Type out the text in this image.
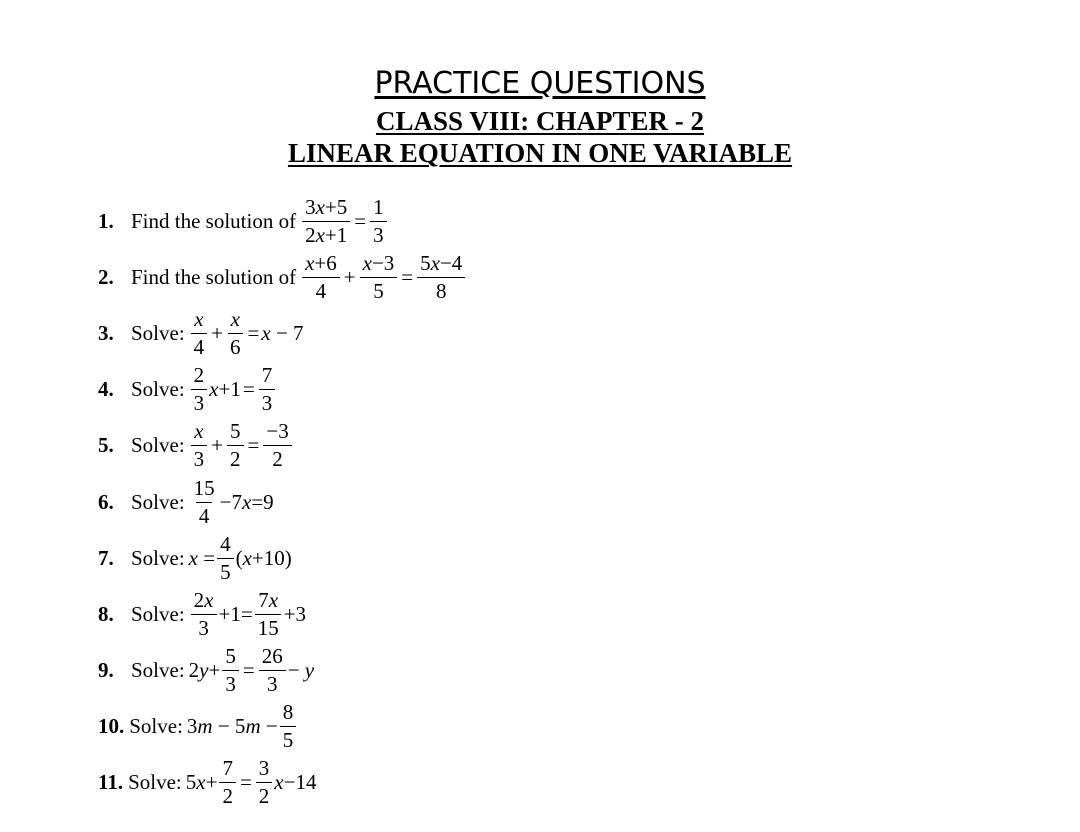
PRACTICE QUESTIONS
CLASS VIII: CHAPTER - 2
LINEAR EQUATION IN ONE VARIABLE
1. Find the solution of $\frac{3x+5}{2x+1} = \frac{1}{3}$
2. Find the solution of $\frac{x+6}{4} + \frac{x-3}{5} = \frac{5x-4}{8}$
3. Solve: $\frac{x}{4} + \frac{x}{6} = x - 7$
4. Solve: $\frac{2}{3} x+1 = \frac{7}{3}$
5. Solve: $\frac{x}{3} + \frac{5}{2} = \frac{-3}{2}$
6. Solve: $\frac{15}{4} -7x=9$
7. Solve: $x = \frac{4}{5} (x+10)$
8. Solve: $\frac{2x}{3} +1= \frac{7x}{15} +3$
9. Solve: $2y+ \frac{5}{3} = \frac{26}{3} - y$
10. Solve: $3m - 5m - \frac{8}{5}$
11. Solve: $5x+ \frac{7}{2} = \frac{3}{2} x-14$
